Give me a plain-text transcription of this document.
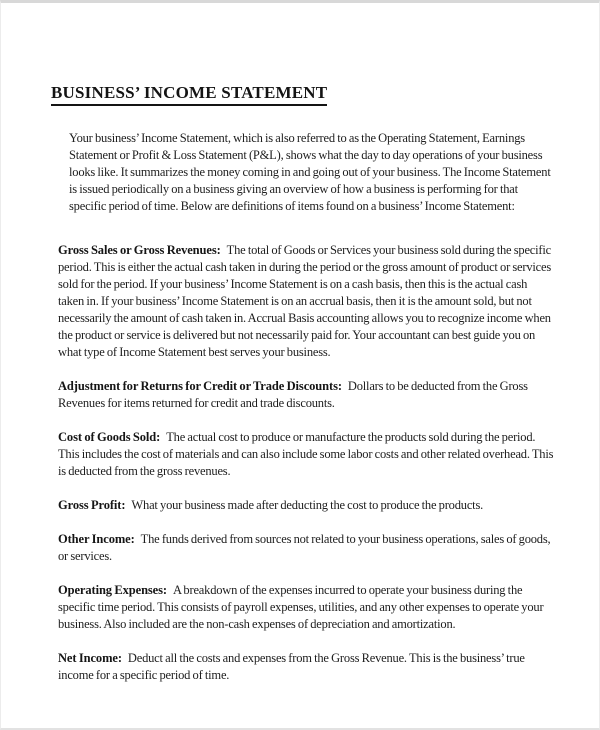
BUSINESS’ INCOME STATEMENT

Your business’ Income Statement, which is also referred to as the Operating Statement, Earnings Statement or Profit & Loss Statement (P&L), shows what the day to day operations of your business looks like. It summarizes the money coming in and going out of your business. The Income Statement is issued periodically on a business giving an overview of how a business is performing for that specific period of time. Below are definitions of items found on a business’ Income Statement:

Gross Sales or Gross Revenues: The total of Goods or Services your business sold during the specific period. This is either the actual cash taken in during the period or the gross amount of product or services sold for the period. If your business’ Income Statement is on a cash basis, then this is the actual cash taken in. If your business’ Income Statement is on an accrual basis, then it is the amount sold, but not necessarily the amount of cash taken in. Accrual Basis accounting allows you to recognize income when the product or service is delivered but not necessarily paid for. Your accountant can best guide you on what type of Income Statement best serves your business.

Adjustment for Returns for Credit or Trade Discounts: Dollars to be deducted from the Gross Revenues for items returned for credit and trade discounts.

Cost of Goods Sold: The actual cost to produce or manufacture the products sold during the period. This includes the cost of materials and can also include some labor costs and other related overhead. This is deducted from the gross revenues.

Gross Profit: What your business made after deducting the cost to produce the products.

Other Income: The funds derived from sources not related to your business operations, sales of goods, or services.

Operating Expenses: A breakdown of the expenses incurred to operate your business during the specific time period. This consists of payroll expenses, utilities, and any other expenses to operate your business. Also included are the non-cash expenses of depreciation and amortization.

Net Income: Deduct all the costs and expenses from the Gross Revenue. This is the business’ true income for a specific period of time.
